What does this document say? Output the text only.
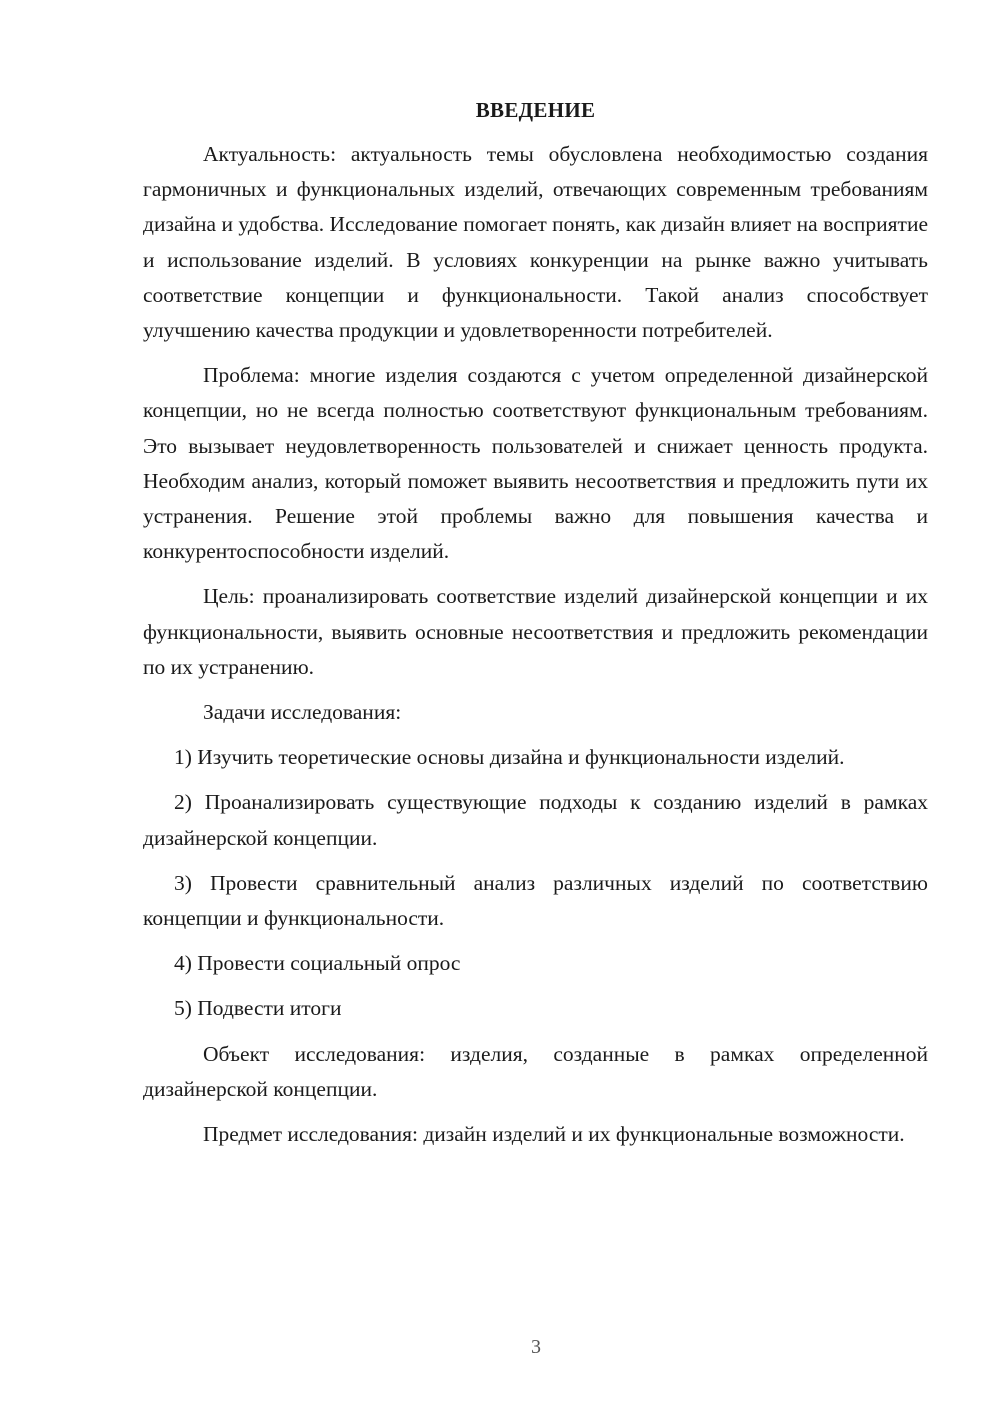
ВВЕДЕНИЕ

Актуальность: актуальность темы обусловлена необходимостью создания гармоничных и функциональных изделий, отвечающих современным требованиям дизайна и удобства. Исследование помогает понять, как дизайн влияет на восприятие и использование изделий. В условиях конкуренции на рынке важно учитывать соответствие концепции и функциональности. Такой анализ способствует улучшению качества продукции и удовлетворенности потребителей.

Проблема: многие изделия создаются с учетом определенной дизайнерской концепции, но не всегда полностью соответствуют функциональным требованиям. Это вызывает неудовлетворенность пользователей и снижает ценность продукта. Необходим анализ, который поможет выявить несоответствия и предложить пути их устранения. Решение этой проблемы важно для повышения качества и конкурентоспособности изделий.

Цель: проанализировать соответствие изделий дизайнерской концепции и их функциональности, выявить основные несоответствия и предложить рекомендации по их устранению.

Задачи исследования:

1) Изучить теоретические основы дизайна и функциональности изделий.

2) Проанализировать существующие подходы к созданию изделий в рамках дизайнерской концепции.

3) Провести сравнительный анализ различных изделий по соответствию концепции и функциональности.

4) Провести социальный опрос

5) Подвести итоги

Объект исследования: изделия, созданные в рамках определенной дизайнерской концепции.

Предмет исследования: дизайн изделий и их функциональные возможности.

3
